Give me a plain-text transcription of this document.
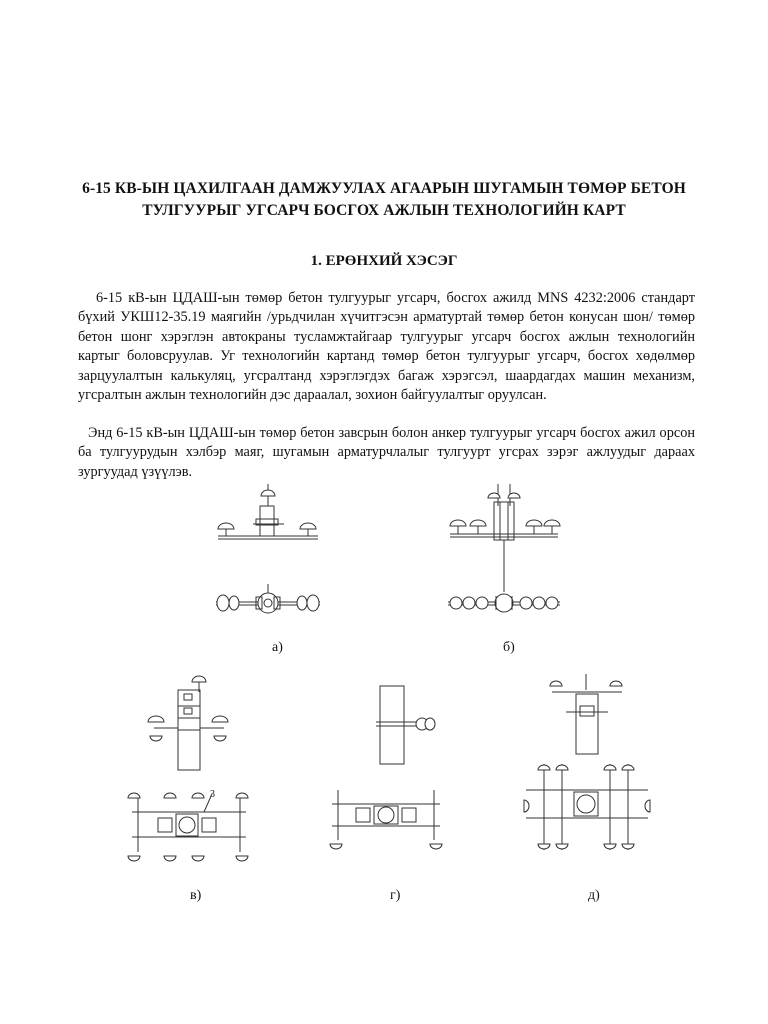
6-15 КВ-ЫН ЦАХИЛГААН ДАМЖУУЛАХ АГААРЫН ШУГАМЫН ТӨМӨР БЕТОН ТУЛГУУРЫГ УГСАРЧ БОСГОХ АЖЛЫН ТЕХНОЛОГИЙН КАРТ
1. ЕРӨНХИЙ ХЭСЭГ

6-15 кВ-ын ЦДАШ-ын төмөр бетон тулгуурыг угсарч, босгох ажилд MNS 4232:2006 стандарт бүхий УКШ12-35.19 маягийн /урьдчилан хүчитгэсэн арматуртай төмөр бетон конусан шон/ төмөр бетон шонг хэрэглэн автокраны тусламжтайгаар тулгуурыг угсарч босгох ажлын технологийн картыг боловсруулав. Уг технологийн картанд төмөр бетон тулгуурыг угсарч, босгох хөдөлмөр зарцуулалтын калькуляц, угсралтанд хэрэглэгдэх багаж хэрэгсэл, шаардагдах машин механизм, угсралтын ажлын технологийн дэс дараалал, зохион байгуулалтыг оруулсан.

Энд 6-15 кВ-ын ЦДАШ-ын төмөр бетон завсрын болон анкер тулгуурыг угсарч босгох ажил орсон ба тулгуурудын хэлбэр маяг, шугамын арматурчлалыг тулгуурт угсрах зэрэг ажлуудыг дараах зургуудад үзүүлэв.

а)	б)
3
в)	г)	д)
